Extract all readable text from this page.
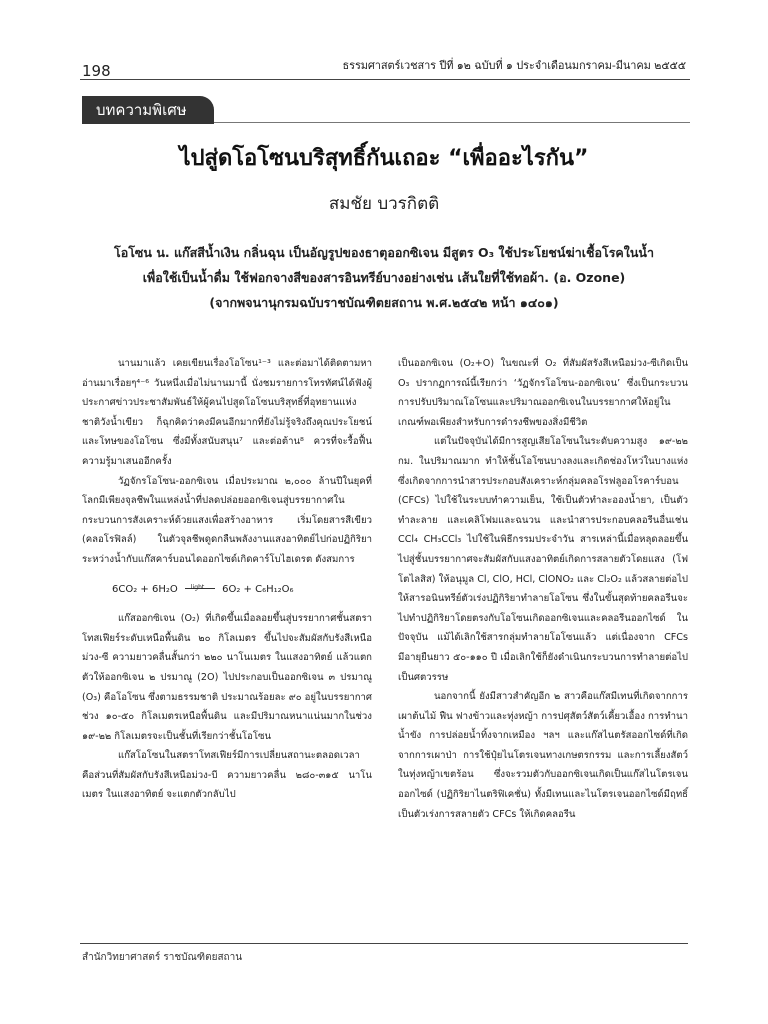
198	ธรรมศาสตร์เวชสาร ปีที่ ๑๒ ฉบับที่ ๑ ประจำเดือนมกราคม-มีนาคม ๒๕๕๕
บทความพิเศษ
ไปสู่ดโอโซนบริสุทธิ์กันเถอะ “เพื่ออะไรกัน”
สมชัย บวรกิตติ
โอโซน น. แก๊สสีน้ำเงิน กลิ่นฉุน เป็นอัญรูปของธาตุออกซิเจน มีสูตร O₃ ใช้ประโยชน์ฆ่าเชื้อโรคในน้ำ
เพื่อใช้เป็นน้ำดื่ม ใช้ฟอกจางสีของสารอินทรีย์บางอย่างเช่น เส้นใยที่ใช้ทอผ้า. (อ. Ozone)
(จากพจนานุกรมฉบับราชบัณฑิตยสถาน พ.ศ.๒๕๔๒ หน้า ๑๔๐๑)

นานมาแล้ว เคยเขียนเรื่องโอโซน¹⁻³ และต่อมาได้ติดตามหาอ่านมาเรื่อยๆ⁴⁻⁶ วันหนึ่งเมื่อไม่นานมานี้ นั่งชมรายการโทรทัศน์ได้ฟังผู้ประกาศข่าวประชาสัมพันธ์ให้ผู้คนไปสูดโอโซนบริสุทธิ์ที่อุทยานแห่งชาติวังน้ำเขียว ก็ฉุกคิดว่าคงมีคนอีกมากที่ยังไม่รู้จริงถึงคุณประโยชน์และโทษของโอโซน ซึ่งมีทั้งสนับสนุน⁷ และต่อต้าน⁸ ควรที่จะรื้อฟื้นความรู้มาเสนออีกครั้ง

วัฏจักรโอโซน-ออกซิเจน เมื่อประมาณ ๒,๐๐๐ ล้านปีในยุคที่โลกมีเพียงจุลชีพในแหล่งน้ำที่ปลดปล่อยออกซิเจนสู่บรรยากาศในกระบวนการสังเคราะห์ด้วยแสงเพื่อสร้างอาหาร เริ่มโดยสารสีเขียว (คลอโรฟิลล์) ในตัวจุลชีพดูดกลืนพลังงานแสงอาทิตย์ไปก่อปฏิกิริยาระหว่างน้ำกับแก๊สคาร์บอนไดออกไซด์เกิดคาร์โบไฮเดรต ดังสมการ

6CO₂ + 6H₂O light 6O₂ + C₆H₁₂O₆

แก๊สออกซิเจน (O₂) ที่เกิดขึ้นเมื่อลอยขึ้นสู่บรรยากาศชั้นสตราโทสเฟียร์ระดับเหนือพื้นดิน ๒๐ กิโลเมตร ขึ้นไปจะสัมผัสกับรังสีเหนือม่วง-ซี ความยาวคลื่นสั้นกว่า ๒๒๐ นาโนเมตร ในแสงอาทิตย์ แล้วแตกตัวให้ออกซิเจน ๒ ปรมาณู (2O) ไปประกอบเป็นออกซิเจน ๓ ปรมาณู (O₃) คือโอโซน ซึ่งตามธรรมชาติ ประมาณร้อยละ ๙๐ อยู่ในบรรยากาศช่วง ๑๐-๕๐ กิโลเมตรเหนือพื้นดิน และมีปริมาณหนาแน่นมากในช่วง ๑๙-๒๒ กิโลเมตรจะเป็นชั้นที่เรียกว่าชั้นโอโซน

แก๊สโอโซนในสตราโทสเฟียร์มีการเปลี่ยนสถานะตลอดเวลา คือส่วนที่สัมผัสกับรังสีเหนือม่วง-บี ความยาวคลื่น ๒๘๐-๓๑๕ นาโนเมตร ในแสงอาทิตย์ จะแตกตัวกลับไป

เป็นออกซิเจน (O₂+O) ในขณะที่ O₂ ที่สัมผัสรังสีเหนือม่วง-ซีเกิดเป็น O₃ ปรากฏการณ์นี้เรียกว่า ‘วัฏจักรโอโซน-ออกซิเจน’ ซึ่งเป็นกระบวนการปรับปริมาณโอโซนและปริมาณออกซิเจนในบรรยากาศให้อยู่ในเกณฑ์พอเพียงสำหรับการดำรงชีพของสิ่งมีชีวิต

แต่ในปัจจุบันได้มีการสูญเสียโอโซนในระดับความสูง ๑๙-๒๒ กม. ในปริมาณมาก ทำให้ชั้นโอโซนบางลงและเกิดช่องโหว่ในบางแห่ง ซึ่งเกิดจากการนำสารประกอบสังเคราะห์กลุ่มคลอโรฟลูออโรคาร์บอน (CFCs) ไปใช้ในระบบทำความเย็น, ใช้เป็นตัวทำละอองน้ำยา, เป็นตัวทำละลาย และเคลิโฟมและฉนวน และนำสารประกอบคลอรีนอื่นเช่น CCl₄ CH₃CCl₃ ไปใช้ในพิธีกรรมประจำวัน สารเหล่านี้เมื่อหลุดลอยขึ้นไปสู่ชั้นบรรยากาศจะสัมผัสกับแสงอาทิตย์เกิดการสลายตัวโดยแสง (โฟโตไลสิส) ให้อนุมูล Cl, ClO, HCl, ClONO₂ และ Cl₂O₂ แล้วสลายต่อไปให้สารอนินทรีย์ตัวเร่งปฏิกิริยาทำลายโอโซน ซึ่งในขั้นสุดท้ายคลอรีนจะไปทำปฏิกิริยาโดยตรงกับโอโซนเกิดออกซิเจนและคลอรีนออกไซด์ ในปัจจุบัน แม้ได้เลิกใช้สารกลุ่มทำลายโอโซนแล้ว แต่เนื่องจาก CFCs มีอายุยืนยาว ๕๐-๑๑๐ ปี เมื่อเลิกใช้ก็ยังดำเนินกระบวนการทำลายต่อไปเป็นศตวรรษ

นอกจากนี้ ยังมีสาวสำคัญอีก ๒ สาวคือแก๊สมีเทนที่เกิดจากการเผาต้นไม้ ฟืน ฟางข้าวและทุ่งหญ้า การปศุสัตว์สัตว์เคี้ยวเอื้อง การทำนาน้ำขัง การปล่อยน้ำทิ้งจากเหมือง ฯลฯ และแก๊สไนตรัสออกไซด์ที่เกิดจากการเผาป่า การใช้ปุ๋ยไนโตรเจนทางเกษตรกรรม และการเลี้ยงสัตว์ในทุ่งหญ้าเขตร้อน ซึ่งจะรวมตัวกับออกซิเจนเกิดเป็นแก๊สไนโตรเจนออกไซด์ (ปฏิกิริยาไนตริฟิเคชั่น) ทั้งมีเทนและไนโตรเจนออกไซด์มีฤทธิ์เป็นตัวเร่งการสลายตัว CFCs ให้เกิดคลอรีน

สำนักวิทยาศาสตร์ ราชบัณฑิตยสถาน
